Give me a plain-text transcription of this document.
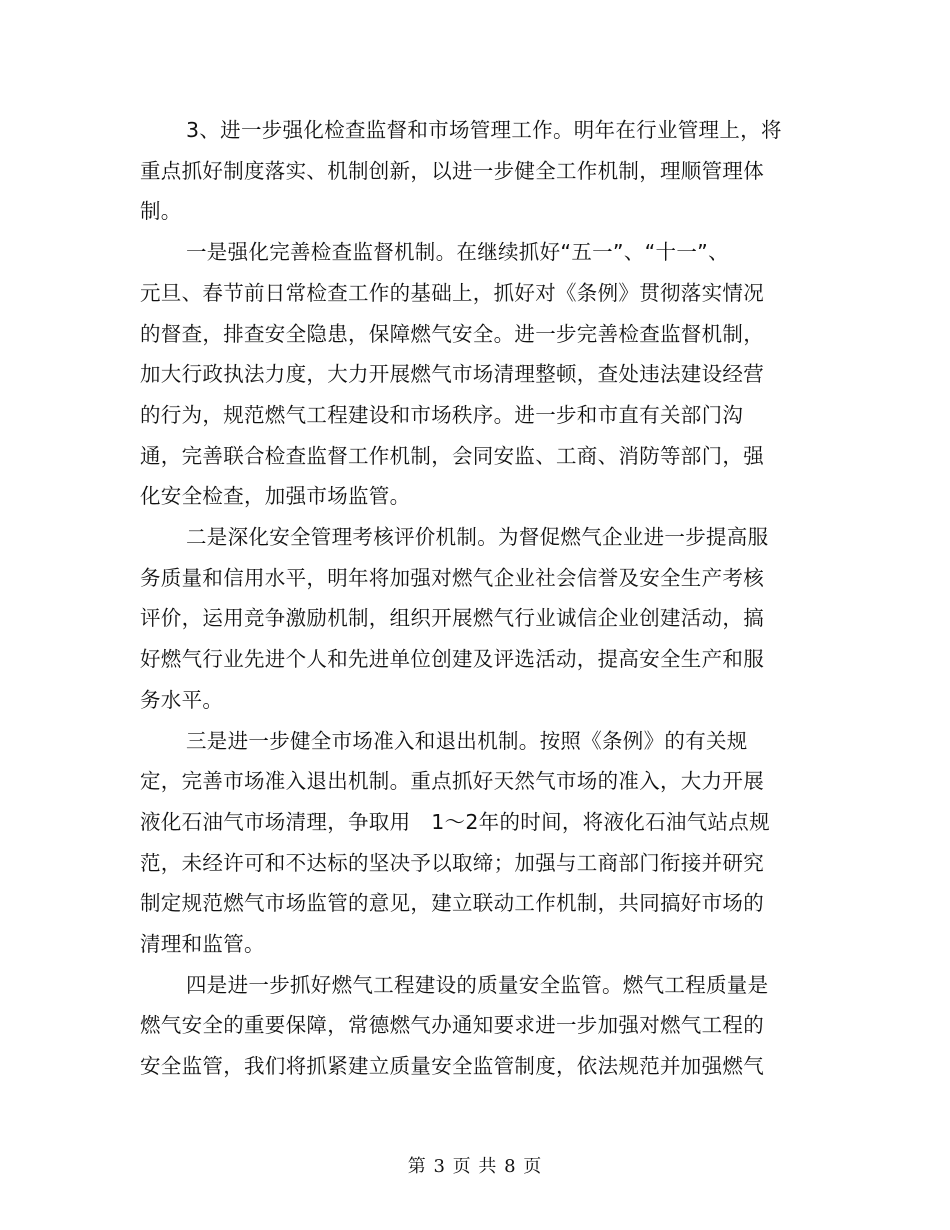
3、进一步强化检查监督和市场管理工作。明年在行业管理上，将
重点抓好制度落实、机制创新，以进一步健全工作机制，理顺管理体
制。

一是强化完善检查监督机制。在继续抓好“五一”、“十一”、
元旦、春节前日常检查工作的基础上，抓好对《条例》贯彻落实情况
的督查，排查安全隐患，保障燃气安全。进一步完善检查监督机制，
加大行政执法力度，大力开展燃气市场清理整顿，查处违法建设经营
的行为，规范燃气工程建设和市场秩序。进一步和市直有关部门沟
通，完善联合检查监督工作机制，会同安监、工商、消防等部门，强
化安全检查，加强市场监管。

二是深化安全管理考核评价机制。为督促燃气企业进一步提高服
务质量和信用水平，明年将加强对燃气企业社会信誉及安全生产考核
评价，运用竞争激励机制，组织开展燃气行业诚信企业创建活动，搞
好燃气行业先进个人和先进单位创建及评选活动，提高安全生产和服
务水平。

三是进一步健全市场准入和退出机制。按照《条例》的有关规
定，完善市场准入退出机制。重点抓好天然气市场的准入，大力开展
液化石油气市场清理，争取用　1～2年的时间，将液化石油气站点规
范，未经许可和不达标的坚决予以取缔；加强与工商部门衔接并研究
制定规范燃气市场监管的意见，建立联动工作机制，共同搞好市场的
清理和监管。

四是进一步抓好燃气工程建设的质量安全监管。燃气工程质量是
燃气安全的重要保障，常德燃气办通知要求进一步加强对燃气工程的
安全监管，我们将抓紧建立质量安全监管制度，依法规范并加强燃气

第 3 页 共 8 页
